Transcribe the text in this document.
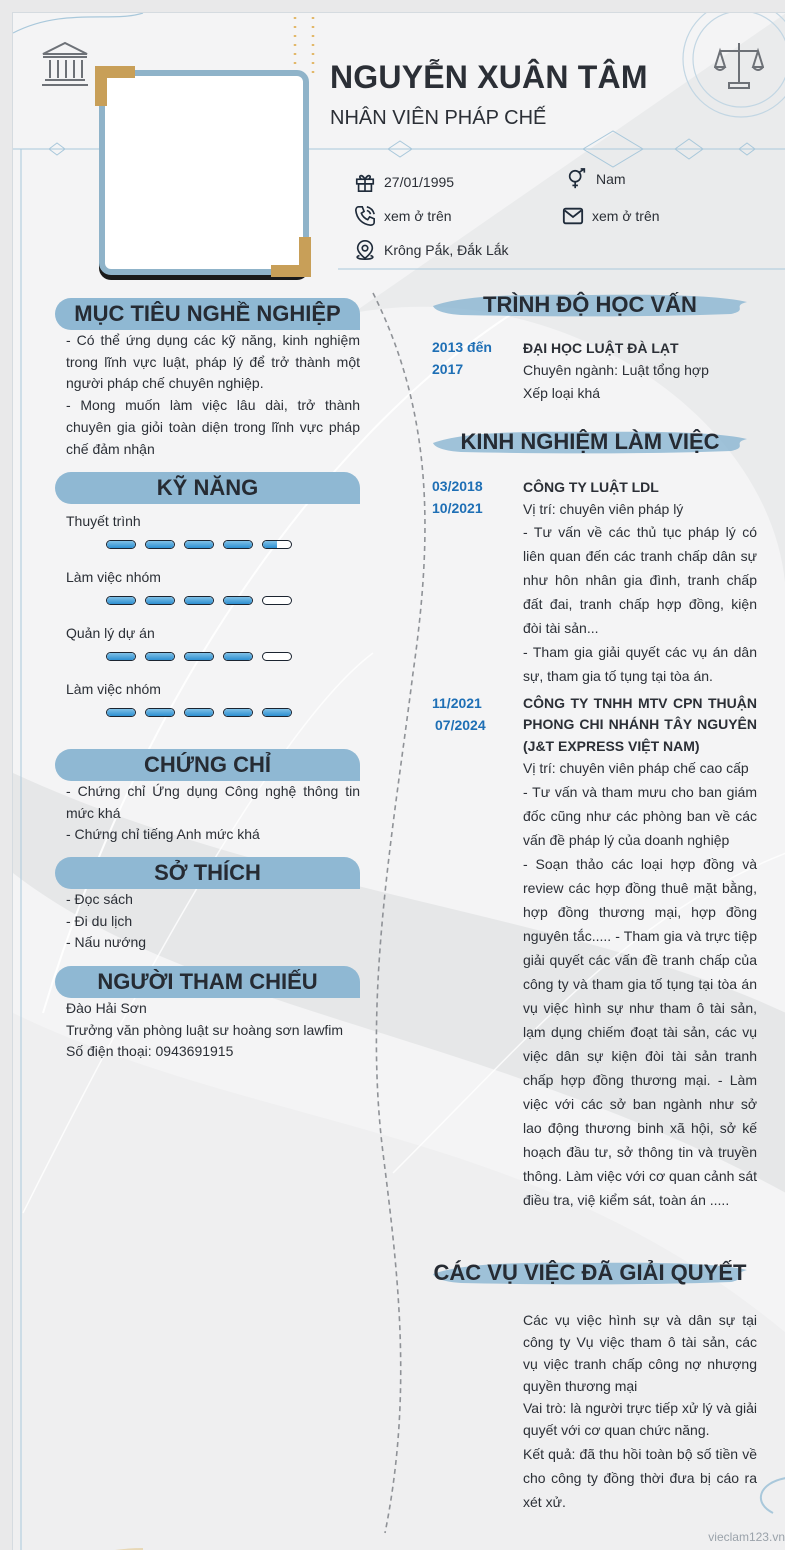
NGUYỄN XUÂN TÂM
NHÂN VIÊN PHÁP CHẾ
27/01/1995	Nam
xem ở trên	xem ở trên
Krông Pắk, Đắk Lắk
MỤC TIÊU NGHỀ NGHIỆP

- Có thể ứng dụng các kỹ năng, kinh nghiệm trong lĩnh vực luật, pháp lý để trở thành một người pháp chế chuyên nghiệp.

- Mong muốn làm việc lâu dài, trở thành chuyên gia giỏi toàn diện trong lĩnh vực pháp chế đảm nhận

KỸ NĂNG
Thuyết trình
Làm việc nhóm
Quản lý dự án
Làm việc nhóm
CHỨNG CHỈ

- Chứng chỉ Ứng dụng Công nghệ thông tin mức khá

- Chứng chỉ tiếng Anh mức khá

SỞ THÍCH

- Đọc sách

- Đi du lịch

- Nấu nướng

NGƯỜI THAM CHIẾU

Đào Hải Sơn

Trưởng văn phòng luật sư hoàng sơn lawfim

Số điện thoại: 0943691915

TRÌNH ĐỘ HỌC VẤN
2013 đến
2017
ĐẠI HỌC LUẬT ĐÀ LẠT
Chuyên ngành: Luật tổng hợp
Xếp loại khá
KINH NGHIỆM LÀM VIỆC
03/2018
10/2021
CÔNG TY LUẬT LDL
Vị trí: chuyên viên pháp lý

- Tư vấn về các thủ tục pháp lý có liên quan đến các tranh chấp dân sự như hôn nhân gia đình, tranh chấp đất đai, tranh chấp hợp đồng, kiện đòi tài sản...

- Tham gia giải quyết các vụ án dân sự, tham gia tố tụng tại tòa án.

11/2021
07/2024
CÔNG TY TNHH MTV CPN THUẬN PHONG CHI NHÁNH TÂY NGUYÊN (J&T EXPRESS VIỆT NAM)
Vị trí: chuyên viên pháp chế cao cấp

- Tư vấn và tham mưu cho ban giám đốc cũng như các phòng ban về các vấn đề pháp lý của doanh nghiệp

- Soạn thảo các loại hợp đồng và review các hợp đồng thuê mặt bằng, hợp đồng thương mại, hợp đồng nguyên tắc..... - Tham gia và trực tiệp giải quyết các vấn đề tranh chấp của công ty và tham gia tố tụng tại tòa án vụ việc hình sự như tham ô tài sản, lạm dụng chiếm đoạt tài sản, các vụ việc dân sự kiện đòi tài sản tranh chấp hợp đồng thương mại. - Làm việc với các sở ban ngành như sở lao động thương binh xã hội, sở kế hoạch đầu tư, sở thông tin và truyền thông. Làm việc với cơ quan cảnh sát điều tra, việ kiểm sát, toàn án .....

CÁC VỤ VIỆC ĐÃ GIẢI QUYẾT

Các vụ việc hình sự và dân sự tại công ty Vụ việc tham ô tài sản, các vụ việc tranh chấp công nợ nhượng quyền thương mại

Vai trò: là người trực tiếp xử lý và giải quyết với cơ quan chức năng.

Kết quả: đã thu hồi toàn bộ số tiền về cho công ty đồng thời đưa bị cáo ra xét xử.

vieclam123.vn
